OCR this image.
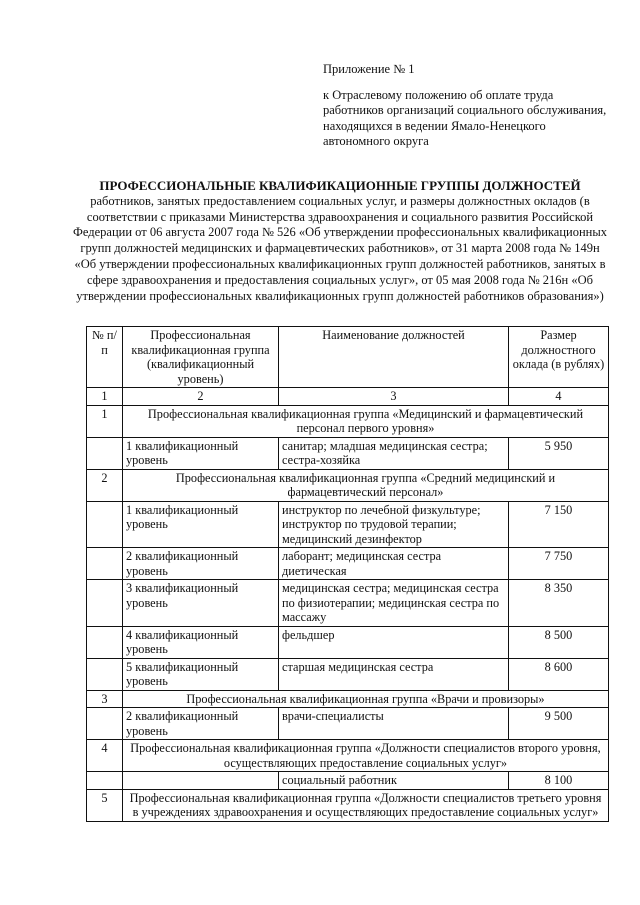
Приложение № 1
к Отраслевому положению об оплате труда работников организаций социального обслуживания, находящихся в ведении Ямало-Ненецкого автономного округа
ПРОФЕССИОНАЛЬНЫЕ КВАЛИФИКАЦИОННЫЕ ГРУППЫ ДОЛЖНОСТЕЙ
работников, занятых предоставлением социальных услуг, и размеры должностных окладов (в соответствии с приказами Министерства здравоохранения и социального развития Российской Федерации от 06 августа 2007 года № 526 «Об утверждении профессиональных квалификационных групп должностей медицинских и фармацевтических работников», от 31 марта 2008 года № 149н «Об утверждении профессиональных квалификационных групп должностей работников, занятых в сфере здравоохранения и предоставления социальных услуг», от 05 мая 2008 года № 216н «Об утверждении профессиональных квалификационных групп должностей работников образования»)
№ п/п	Профессиональная квалификационная группа (квалификационный уровень)	Наименование должностей	Размер должностного оклада (в рублях)
1	2	3	4
1	Профессиональная квалификационная группа «Медицинский и фармацевтический персонал первого уровня»		
	1 квалификационный уровень	санитар; младшая медицинская сестра; сестра-хозяйка	5 950
2	Профессиональная квалификационная группа «Средний медицинский и фармацевтический персонал»		
	1 квалификационный уровень	инструктор по лечебной физкультуре; инструктор по трудовой терапии; медицинский дезинфектор	7 150
	2 квалификационный уровень	лаборант; медицинская сестра диетическая	7 750
	3 квалификационный уровень	медицинская сестра; медицинская сестра по физиотерапии; медицинская сестра по массажу	8 350
	4 квалификационный уровень	фельдшер	8 500
	5 квалификационный уровень	старшая медицинская сестра	8 600
3	Профессиональная квалификационная группа «Врачи и провизоры»		
	2 квалификационный уровень	врачи-специалисты	9 500
4	Профессиональная квалификационная группа «Должности специалистов второго уровня, осуществляющих предоставление социальных услуг»		
		социальный работник	8 100
5	Профессиональная квалификационная группа «Должности специалистов третьего уровня в учреждениях здравоохранения и осуществляющих предоставление социальных услуг»		
